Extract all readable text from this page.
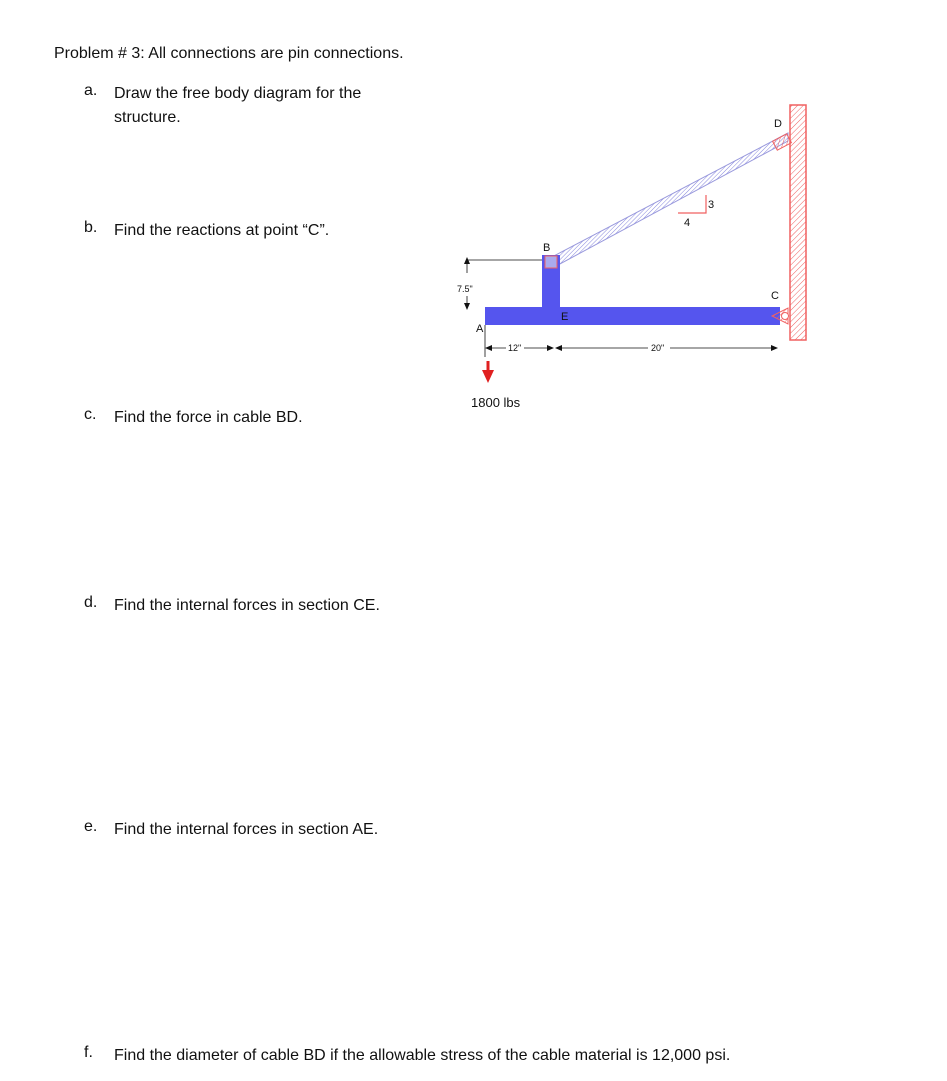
Problem # 3: All connections are pin connections.
a.	Draw the free body diagram for the structure.
b.	Find the reactions at point “C”.
c.	Find the force in cable BD.
d.	Find the internal forces in section CE.
e.	Find the internal forces in section AE.
f.	Find the diameter of cable BD if the allowable stress of the cable material is 12,000 psi.
4
3
B
D
C
A
E
7.5"
12"	20"
1800 lbs
